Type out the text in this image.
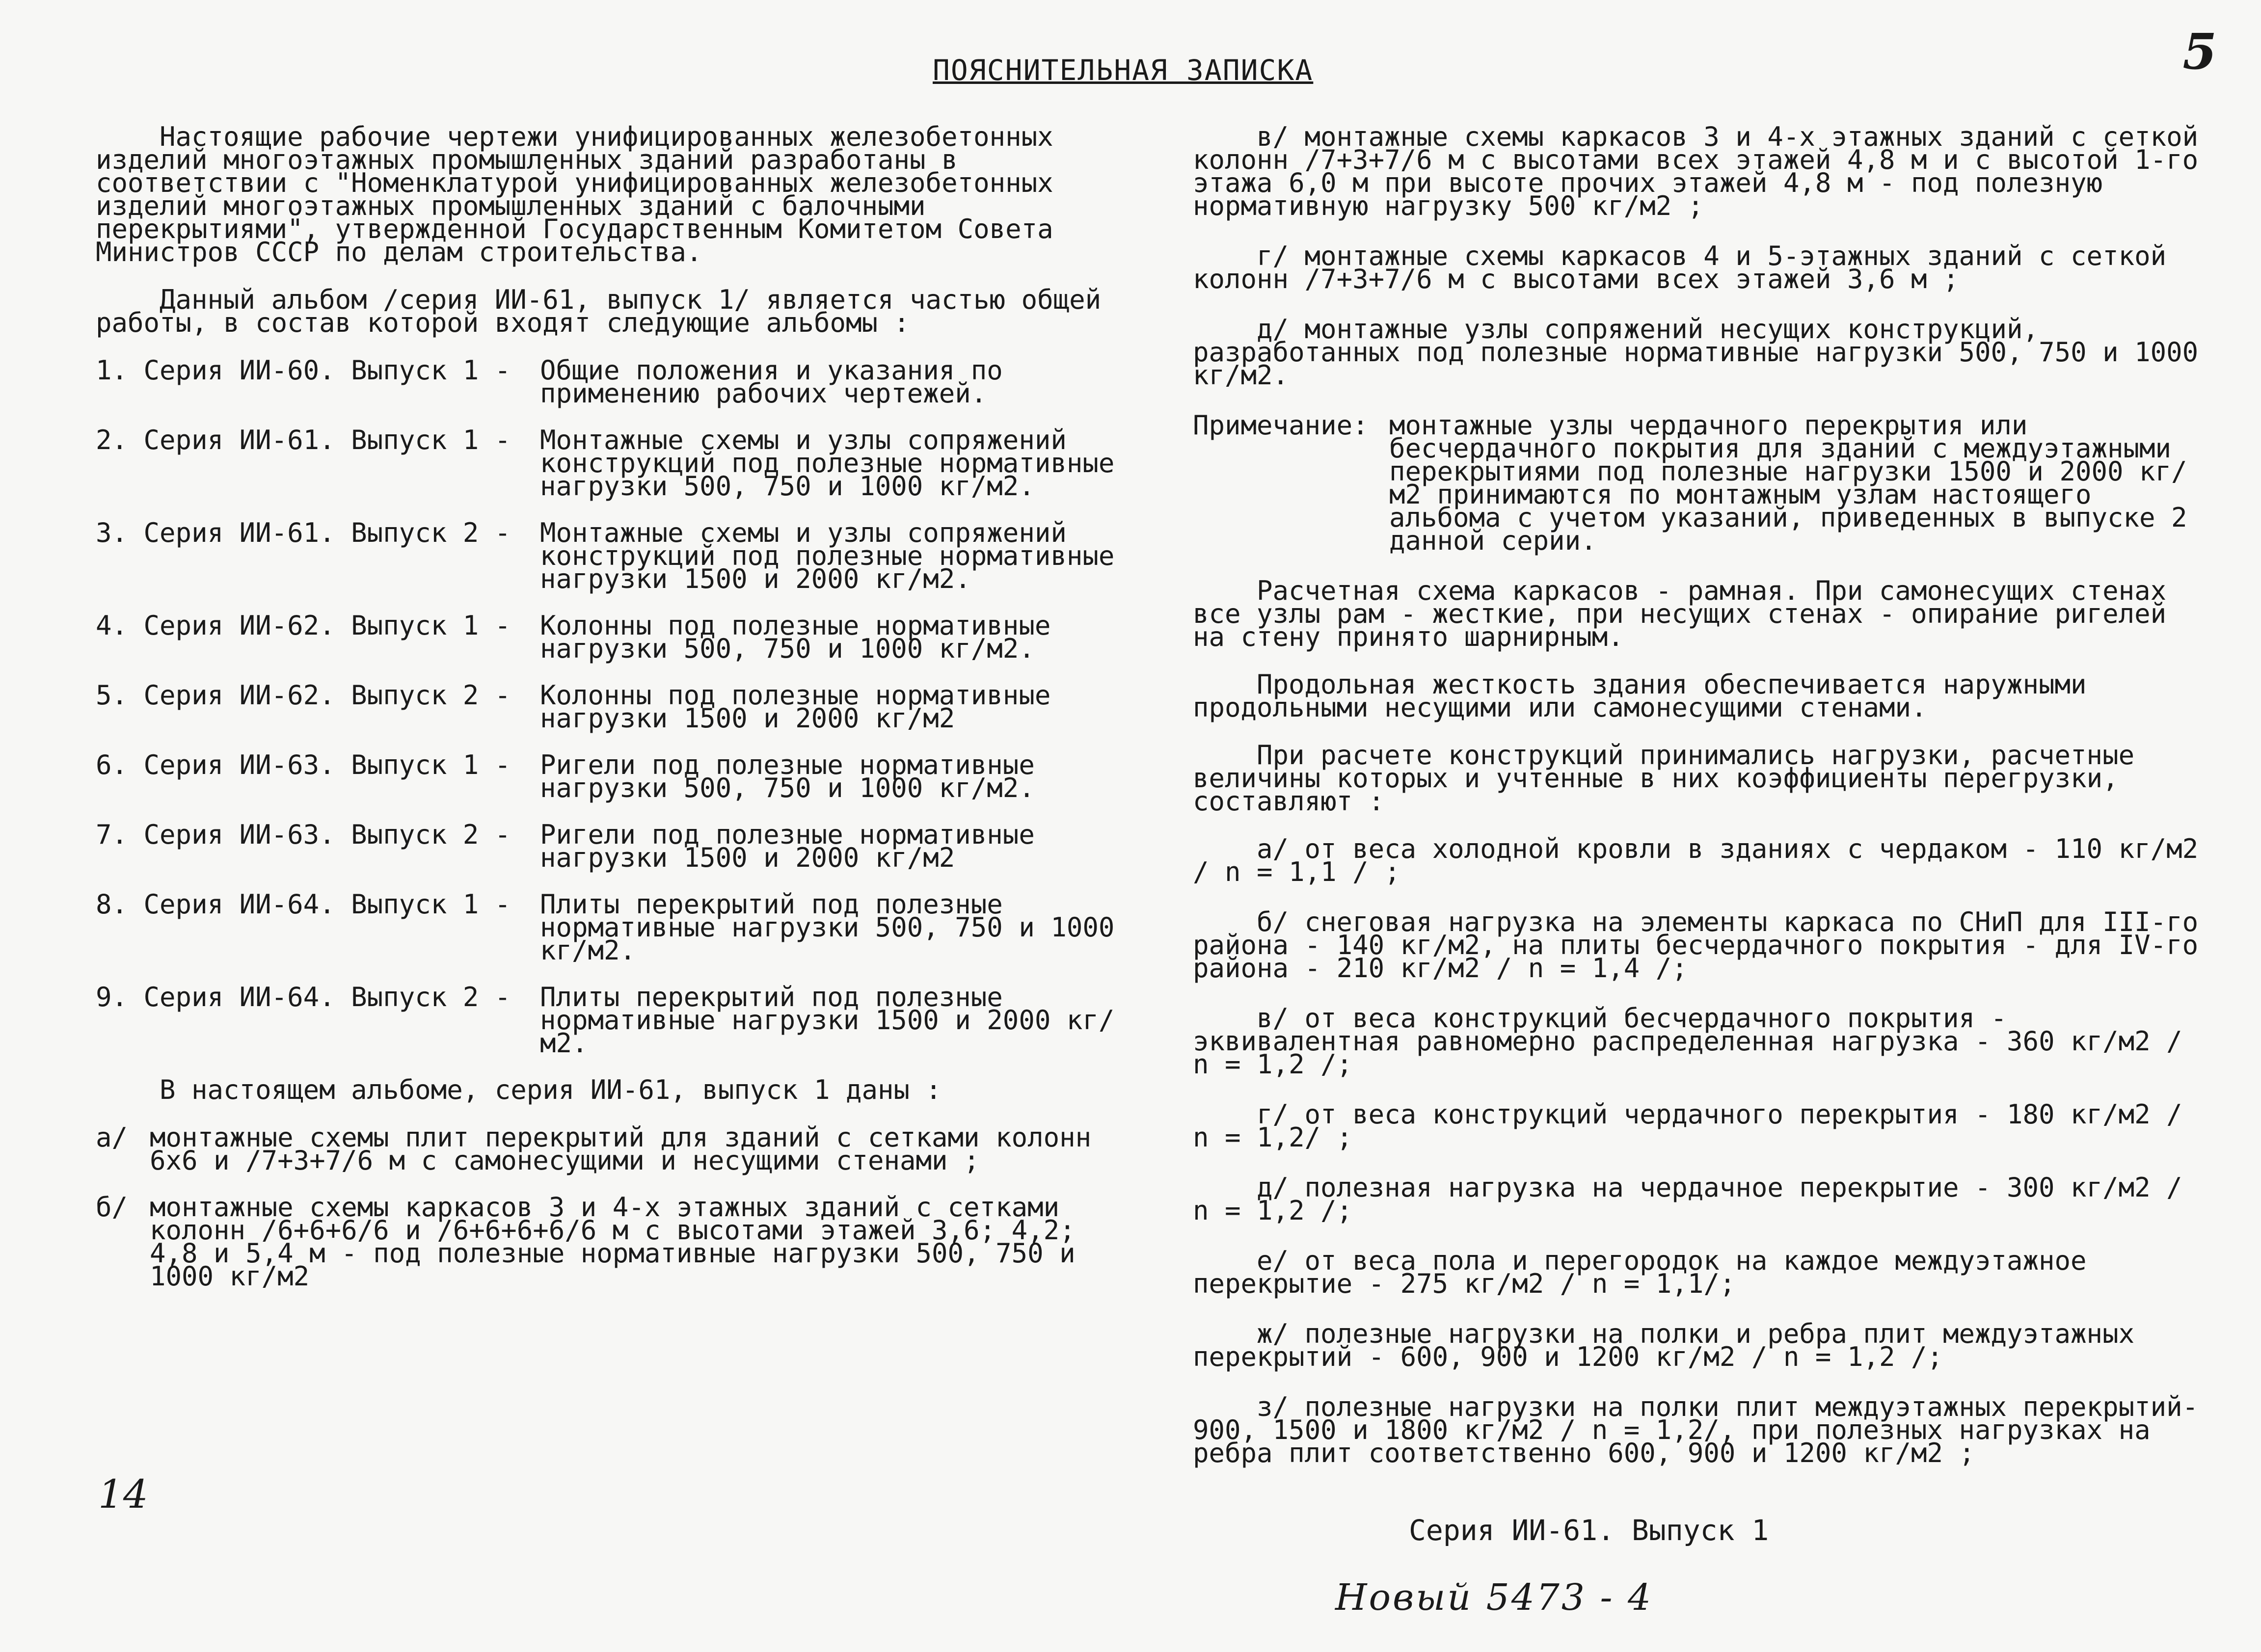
5
ПОЯСНИТЕЛЬНАЯ ЗАПИСКА

Настоящие рабочие чертежи унифицированных железобетонных изделий многоэтажных промышленных зданий разработаны в соответствии с "Номенклатурой унифицированных железобетонных изделий многоэтажных промышленных зданий с балочными перекрытиями", утвержденной Государственным Комитетом Совета Министров СССР по делам строительства.

Данный альбом /серия ИИ-61, выпуск 1/ является частью общей работы, в состав которой входят следующие альбомы :

1. Серия ИИ-60. Выпуск 1 -	Общие положения и указания по применению рабочих чертежей.
2. Серия ИИ-61. Выпуск 1 -	Монтажные схемы и узлы сопряжений конструкций под полезные нормативные нагрузки 500, 750 и 1000 кг/м2.
3. Серия ИИ-61. Выпуск 2 -	Монтажные схемы и узлы сопряжений конструкций под полезные нормативные нагрузки 1500 и 2000 кг/м2.
4. Серия ИИ-62. Выпуск 1 -	Колонны под полезные нормативные нагрузки 500, 750 и 1000 кг/м2.
5. Серия ИИ-62. Выпуск 2 -	Колонны под полезные нормативные нагрузки 1500 и 2000 кг/м2
6. Серия ИИ-63. Выпуск 1 -	Ригели под полезные нормативные нагрузки 500, 750 и 1000 кг/м2.
7. Серия ИИ-63. Выпуск 2 -	Ригели под полезные нормативные нагрузки 1500 и 2000 кг/м2
8. Серия ИИ-64. Выпуск 1 -	Плиты перекрытий под полезные нормативные нагрузки 500, 750 и 1000 кг/м2.
9. Серия ИИ-64. Выпуск 2 -	Плиты перекрытий под полезные нормативные нагрузки 1500 и 2000 кг/м2.

В настоящем альбоме, серия ИИ-61, выпуск 1 даны :

а/ монтажные схемы плит перекрытий для зданий с сетками колонн 6х6 и /7+3+7/6 м с самонесущими и несущими стенами ;
б/ монтажные схемы каркасов 3 и 4-х этажных зданий с сетками колонн /6+6+6/6 и /6+6+6+6/6 м с высотами этажей 3,6; 4,2; 4,8 и 5,4 м - под полезные нормативные нагрузки 500, 750 и 1000 кг/м2
14

в/ монтажные схемы каркасов 3 и 4-х этажных зданий с сеткой колонн /7+3+7/6 м с высотами всех этажей 4,8 м и с высотой 1-го этажа 6,0 м при высоте прочих этажей 4,8 м - под полезную нормативную нагрузку 500 кг/м2 ;

г/ монтажные схемы каркасов 4 и 5-этажных зданий с сеткой колонн /7+3+7/6 м с высотами всех этажей 3,6 м ;

д/ монтажные узлы сопряжений несущих конструкций, разработанных под полезные нормативные нагрузки 500, 750 и 1000 кг/м2.

Примечание: монтажные узлы чердачного перекрытия или бесчердачного покрытия для зданий с междуэтажными перекрытиями под полезные нагрузки 1500 и 2000 кг/м2 принимаются по монтажным узлам настоящего альбома с учетом указаний, приведенных в выпуске 2 данной серии.

Расчетная схема каркасов - рамная. При самонесущих стенах все узлы рам - жесткие, при несущих стенах - опирание ригелей на стену принято шарнирным.

Продольная жесткость здания обеспечивается наружными продольными несущими или самонесущими стенами.

При расчете конструкций принимались нагрузки, расчетные величины которых и учтенные в них коэффициенты перегрузки, составляют :

а/ от веса холодной кровли в зданиях с чердаком - 110 кг/м2 / n = 1,1 / ;

б/ снеговая нагрузка на элементы каркаса по СНиП для III-го района - 140 кг/м2, на плиты бесчердачного покрытия - для IV-го района - 210 кг/м2 / n = 1,4 /;

в/ от веса конструкций бесчердачного покрытия - эквивалентная равномерно распределенная нагрузка - 360 кг/м2 / n = 1,2 /;

г/ от веса конструкций чердачного перекрытия - 180 кг/м2 / n = 1,2/ ;

д/ полезная нагрузка на чердачное перекрытие - 300 кг/м2 / n = 1,2 /;

е/ от веса пола и перегородок на каждое междуэтажное перекрытие - 275 кг/м2 / n = 1,1/;

ж/ полезные нагрузки на полки и ребра плит междуэтажных перекрытий - 600, 900 и 1200 кг/м2 / n = 1,2 /;

з/ полезные нагрузки на полки плит междуэтажных перекрытий- 900, 1500 и 1800 кг/м2 / n = 1,2/, при полезных нагрузках на ребра плит соответственно 600, 900 и 1200 кг/м2 ;

Серия ИИ-61. Выпуск 1
Новый 5473 - 4
